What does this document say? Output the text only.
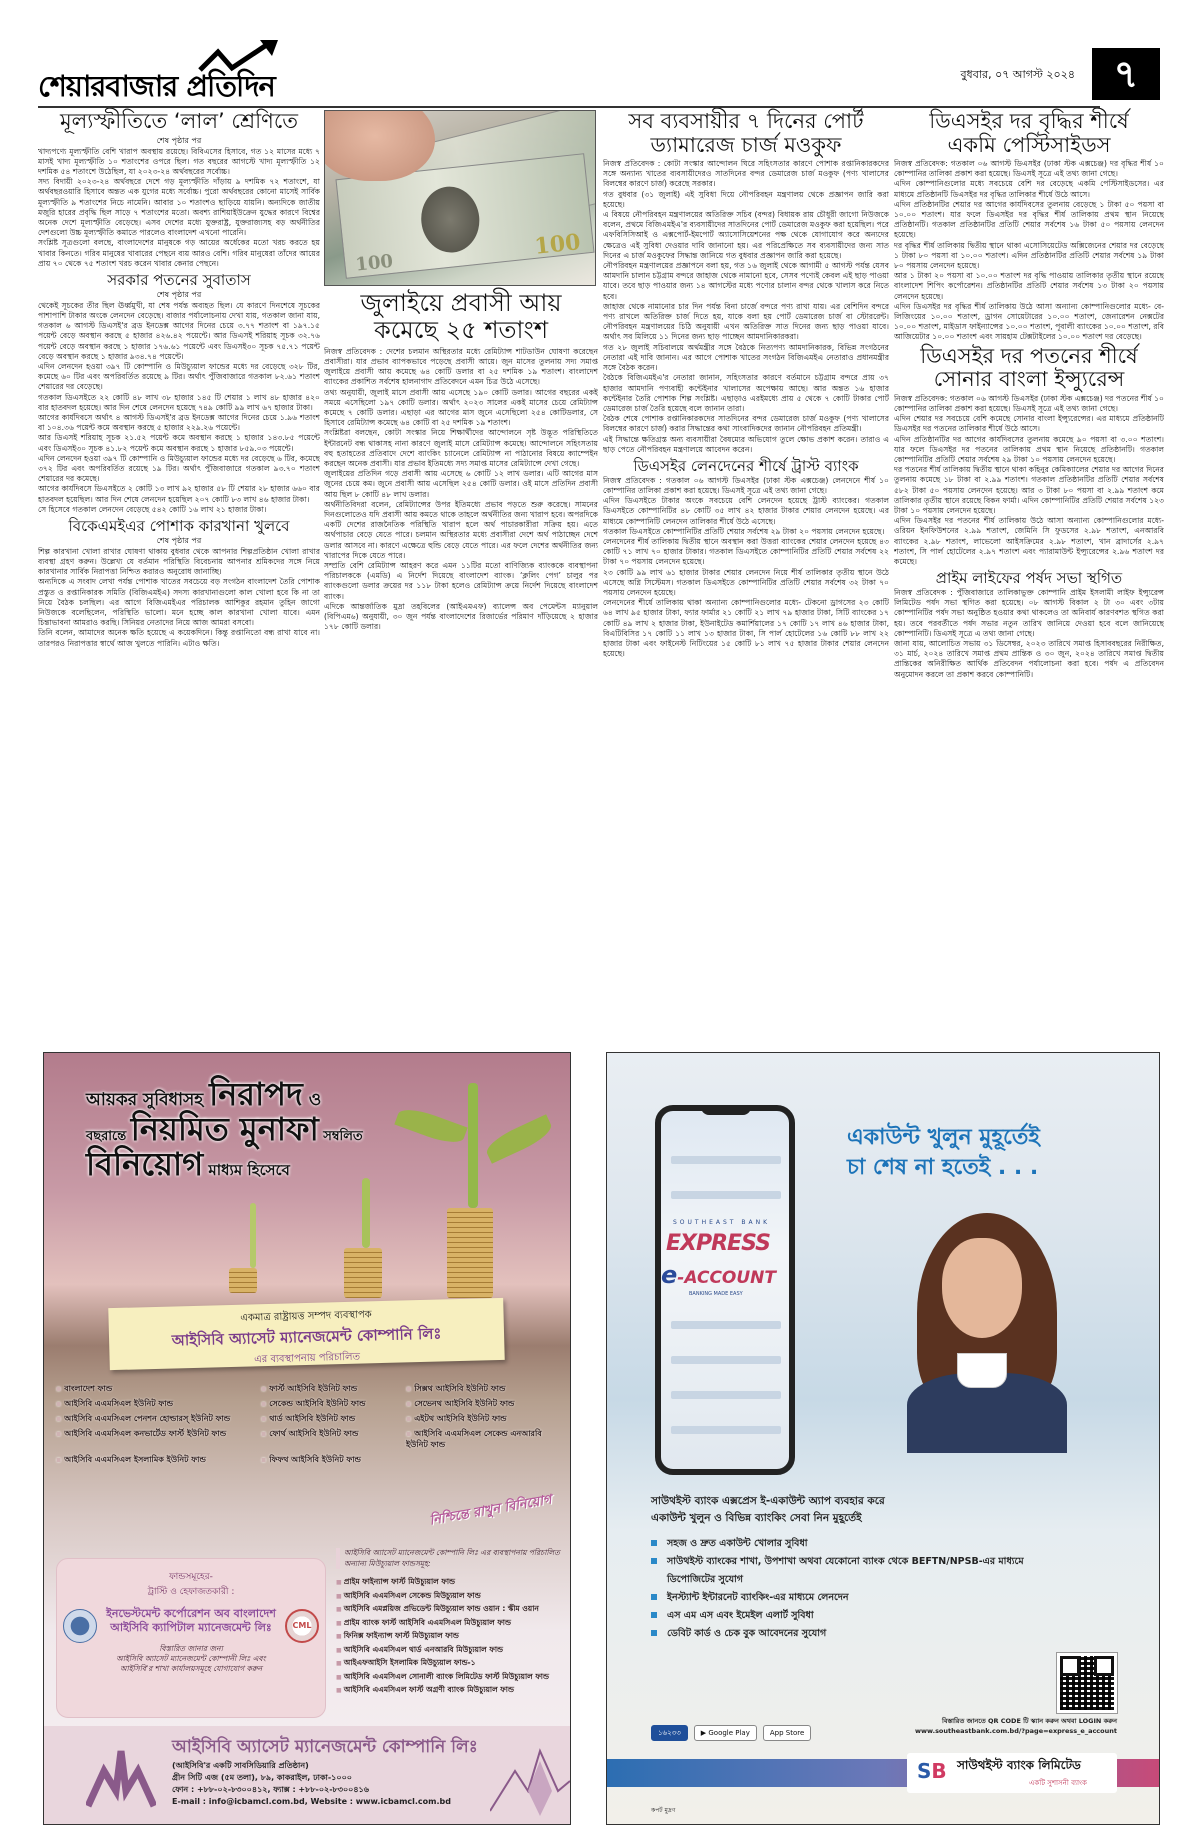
শেয়ারবাজার প্রতিদিন	বুধবার, ০৭ আগস্ট ২০২৪	৭
মূল্যস্ফীতিতে ‘লাল’ শ্রেণিতে
শেষ পৃষ্ঠার পর

খাদ্যপণ্যে মূল্যস্ফীতি বেশি খারাপ অবস্থায় রয়েছে। বিবিএসের হিসাবে, গত ১২ মাসের মধ্যে ৭ মাসই খাদ্য মূল্যস্ফীতি ১০ শতাংশের ওপরে ছিল। গত বছরের আগস্টে খাদ্য মূল্যস্ফীতি ১২ দশমিক ৫৪ শতাংশে উঠেছিল, যা ২০২৩-২৪ অর্থবছরের সর্বোচ্চ।

সদ্য বিদায়ী ২০২৩-২৪ অর্থবছরে দেশে গড় মূল্যস্ফীতি দাঁড়ায় ৯ দশমিক ৭২ শতাংশে, যা অর্থবছরওয়ারি হিসাবে অন্তত এক যুগের মধ্যে সর্বোচ্চ। পুরো অর্থবছরের কোনো মাসেই সার্বিক মূল্যস্ফীতি ৯ শতাংশের নিচে নামেনি। আবার ১০ শতাংশও ছাড়িয়ে যায়নি। অন্যদিকে জাতীয় মজুরি হারের প্রবৃদ্ধি ছিল সাড়ে ৭ শতাংশের মতো। অবশ্য রাশিয়াইউক্রেন যুদ্ধের কারণে বিশ্বের অনেক দেশে মূল্যস্ফীতি বেড়েছে। এসব দেশের মধ্যে যুক্তরাষ্ট্র, যুক্তরাজ্যসহ বড় অর্থনীতির দেশগুলো উচ্চ মূল্যস্ফীতি কমাতে পারলেও বাংলাদেশ এখনো পারেনি।

সংশ্লিষ্ট সূত্রগুলো বলছে, বাংলাদেশের মানুষকে গড় আয়ের অর্ধেকের মতো খরচ করতে হয় খাবার কিনতে। গরিব মানুষের খাবারের পেছনে ব্যয় আরও বেশি। গরিব মানুষেরা তাঁদের আয়ের প্রায় ৭০ থেকে ৭৫ শতাংশ খরচ করেন খাবার কেনার পেছনে।

সরকার পতনের সুবাতাস
শেষ পৃষ্ঠার পর

থেকেই সূচকের তীর ছিল ঊর্ধ্বমুখী, যা শেষ পর্যন্ত অব্যহত ছিল। যে কারণে দিনশেষে সূচকের পাশাপাশি টাকার অংকে লেনদেন বেড়েছে। বাজার পর্যালোচনায় দেখা যায়, গতকাল জানা যায়, গতকাল ৬ আগস্ট ডিএসই'র ব্রড ইনডেক্স আগের দিনের চেয়ে ৩.৭৭ শতাংশ বা ১৯৭.১৫ পয়েন্ট বেড়ে অবস্থান করছে ৫ হাজার ৪২৬.৪২ পয়েন্টে। আর ডিএসই শরিয়াহ সূচক ৩২.৭৬ পয়েন্ট বেড়ে অবস্থান করছে ১ হাজার ১৭৬.৬১ পয়েন্টে এবং ডিএসই৩০ সূচক ৭৫.৭১ পয়েন্ট বেড়ে অবস্থান করছে ১ হাজার ৯৩৪.৭৪ পয়েন্টে।

এদিন লেনদেন হওয়া ৩৯৭ টি কোম্পানি ও মিউচ্যুয়াল ফান্ডের মধ্যে দর বেড়েছে ৩২৮ টির, কমেছে ৬০ টির এবং অপরিবর্তিত রয়েছে ৯ টির। অর্থাৎ পুঁজিবাজারে গতকাল ৮২.৬১ শতাংশ শেয়ারের দর বেড়েছে।

গতকাল ডিএসইতে ২২ কোটি ৪৮ লাখ ৩৮ হাজার ১৪৫ টি শেয়ার ১ লাখ ৪৮ হাজার ৪২০ বার হাতবদল হয়েছে। আর দিন শেষে লেনদেন হয়েছে ৭৪৯ কোটি ৯৯ লাখ ৬৭ হাজার টাকা।

আগের কার্যদিবসে অর্থাৎ ৪ আগস্ট ডিএসই'র ব্রড ইনডেক্স আগের দিনের চেয়ে ১.৯৬ শতাংশ বা ১০৪.৩৬ পয়েন্ট কমে অবস্থান করছে ৫ হাজার ২২৯.২৬ পয়েন্টে।

আর ডিএসই শরিয়াহ সূচক ২১.৫২ পয়েন্ট কমে অবস্থান করছে ১ হাজার ১৪৩.৮৫ পয়েন্টে এবং ডিএসই৩০ সূচক ৪১.৮২ পয়েন্ট কমে অবস্থান করছে ১ হাজার ৮৫৯.০৩ পয়েন্টে।

এদিন লেনদেন হওয়া ৩৯৭ টি কোম্পানি ও মিউচ্যুয়াল ফান্ডের মধ্যে দর বেড়েছে ৬ টির, কমেছে ৩৭২ টির এবং অপরিবর্তিত রয়েছে ১৯ টির। অর্থাৎ পুঁজিবাজারে গতকাল ৯৩.৭০ শতাংশ শেয়ারের দর কমেছে।

আগের কার্যদিবসে ডিএসইতে ২ কোটি ১৩ লাখ ৯২ হাজার ৫৮ টি শেয়ার ২৮ হাজার ৬৬০ বার হাতবদল হয়েছিল। আর দিন শেষে লেনদেন হয়েছিল ২০৭ কোটি ৮৩ লাখ ৪৬ হাজার টাকা।

সে হিসেবে গতকাল লেনদেন বেড়েছে ৫৪২ কোটি ১৬ লাখ ২১ হাজার টাকা।

বিকেএমইএর পোশাক কারখানা খুলবে
শেষ পৃষ্ঠার পর

শিল্প কারখানা খোলা রাখার ঘোষণা থাকায় বুধবার থেকে আপনার শিল্পপ্রতিষ্ঠান খোলা রাখার ব্যবস্থা গ্রহণ করুন। উল্লেখ্য যে বর্তমান পরিস্থিতি বিবেচনায় আপনার শ্রমিকদের সঙ্গে নিয়ে কারখানার সার্বিক নিরাপত্তা নিশ্চিত করারও অনুরোধ জানাচ্ছি।

অন্যদিকে এ সংবাদ লেখা পর্যন্ত পোশাক খাতের সবচেয়ে বড় সংগঠন বাংলাদেশ তৈরি পোশাক প্রস্তুত ও রপ্তানিকারক সমিতি (বিজিএমইএ) সদস্য কারখানাগুলো কাল খোলা হবে কি না তা নিয়ে বৈঠক চলছিল। এর আগে বিজিএমইএর পরিচালক আশিকুর রহমান তুহিন জাগো নিউজকে বলেছিলেন, পরিস্থিতি ভালো। মনে হচ্ছে কাল কারখানা খোলা যাবে। এমন চিন্তাভাবনা আমরাও করছি। সিনিয়র নেতাদের নিয়ে আজ আমরা বসবো।

তিনি বলেন, আমাদের অনেক ক্ষতি হয়েছে এ কয়েকদিনে। কিন্তু রপ্তানিতো বন্ধ রাখা যাবে না। তারপরও নিরাপত্তার স্বার্থে আজ খুলতে পারিনি। এটাও ক্ষতি।

100
100
জুলাইয়ে প্রবাসী আয়
কমেছে ২৫ শতাংশ

নিজস্ব প্রতিবেদক : দেশের চলমান অস্থিরতার মধ্যে রেমিট্যান্স শাটডাউন ঘোষণা করেছেন প্রবাসীরা। যার প্রভাব ব্যাপকভাবে পড়েছে প্রবাসী আয়ে। জুন মাসের তুলনায় সদ্য সমাপ্ত জুলাইয়ে প্রবাসী আয় কমেছে ৬৪ কোটি ডলার বা ২৫ দশমিক ১৯ শতাংশ। বাংলাদেশ ব্যাংকের প্রকাশিত সর্বশেষ হালনাগাদ প্রতিবেদনে এমন চিত্র উঠে এসেছে।

তথ্য অনুযায়ী, জুলাই মাসে প্রবাসী আয় এসেছে ১৯০ কোটি ডলার। আগের বছরের একই সময়ে এসেছিলো ১৯৭ কোটি ডলার। অর্থাৎ ২০২৩ সালের একই মাসের চেয়ে রেমিট্যান্স কমেছে ৭ কোটি ডলার। এছাড়া এর আগের মাস জুনে এসেছিলো ২৫৪ কোটিডলার, সে হিসাবে রেমিট্যান্স কমেছে ৬৪ কোটি বা ২৫ দশমিক ১৯ শতাংশ।

সংশ্লিষ্টরা বলছেন, কোটা সংস্কার নিয়ে শিক্ষার্থীদের আন্দোলনে সৃষ্ট উদ্ভূত পরিস্থিতিতে ইন্টারনেট বন্ধ থাকাসহ নানা কারণে জুলাই মাসে রেমিট্যান্স কমেছে। আন্দোলনে সহিংসতায় বহু হতাহতের প্রতিবাদে দেশে ব্যাংকিং চ্যানেলে রেমিট্যান্স না পাঠানোর বিষয়ে ক্যাম্পেইন করছেন অনেক প্রবাসী। যার প্রভাব ইতিমধ্যে সদ্য সমাপ্ত মাসের রেমিট্যান্সে দেখা গেছে।

জুলাইয়ের প্রতিদিন গড়ে প্রবাসী আয় এসেছে ৬ কোটি ১২ লাখ ডলার। এটি আগের মাস জুনের চেয়ে কম। জুনে প্রবাসী আয় এসেছিল ২৫৪ কোটি ডলার। ওই মাসে প্রতিদিন প্রবাসী আয় ছিল ৮ কোটি ৪৮ লাখ ডলার।

অর্থনীতিবিদরা বলেন, রেমিট্যান্সের উপর ইতিমধ্যে প্রভাব পড়তে শুরু করেছে। সামনের দিনগুলোতেও যদি প্রবাসী আয় কমতে থাকে তাহলে অর্থনীতির জন্য খারাপ হবে। অপরদিকে একটি দেশের রাজনৈতিক পরিস্থিতি খারাপ হলে অর্থ পাচারকারীরা সক্রিয় হয়। এতে অর্থপাচার বেড়ে যেতে পারে। চলমান অস্থিরতার মধ্যে প্রবাসীরা দেশে অর্থ পাঠাচ্ছেন দেশে ডলার আসবে না। কারণে এক্ষেত্রে হুন্ডি বেড়ে যেতে পারে। এর ফলে দেশের অর্থনীতির জন্য খারাপের দিকে যেতে পারে।

সম্প্রতি বেশি রেমিট্যান্স আহরণ করে এমন ১১টির মতো বাণিজ্যিক ব্যাংককে ব্যবস্থাপনা পরিচালককে (এমডি) এ নির্দেশ দিয়েছে বাংলাদেশ ব্যাংক। ‘ক্ললিং পেগ’ চালুর পর ব্যাংকগুলো ডলার ক্রয়ের দর ১১৮ টাকা হলেও রেমিট্যান্স ক্রয়ে নির্দেশ দিয়েছে বাংলাদেশ ব্যাংক।

এদিকে আন্তর্জাতিক মুদ্রা তহবিলের (আইএমএফ) ব্যালেন্স অব পেমেন্টস ম্যানুয়াল (বিপিএম৬) অনুযায়ী, ৩০ জুন পর্যন্ত বাংলাদেশের রিজার্ভের পরিমাণ দাঁড়িয়েছে ২ হাজার ১৭৮ কোটি ডলার।

সব ব্যবসায়ীর ৭ দিনের পোর্ট
ড্যামারেজ চার্জ মওকুফ

নিজস্ব প্রতিবেদক : কোটা সংস্কার আন্দোলন ঘিরে সহিংসতার কারণে পোশাক রপ্তানিকারকদের সঙ্গে অন্যান্য খাতের ব্যবসায়ীদেরও সাতদিনের বন্দর ডেমারেজ চার্জ মওকুফ (পণ্য খালাসের বিলম্বের কারণে চার্জ) করেছে সরকার।

গত বুধবার (৩১ জুলাই) এই সুবিধা দিয়ে নৌপরিবহন মন্ত্রণালয় থেকে প্রজ্ঞাপন জারি করা হয়েছে।

এ বিষয়ে নৌপরিবহন মন্ত্রণালয়ের অতিরিক্ত সচিব (বন্দর) বিধায়ক রায় চৌধুরী জাগো নিউজকে বলেন, প্রথমে বিজিএমইএ'র ব্যবসায়ীদের সাতদিনের পোর্ট ডেমারেজ মওকুফ করা হয়েছিল। পরে এফবিসিসিআই ও এক্সপোর্ট-ইমপোর্ট অ্যাসোসিয়েশনের পক্ষ থেকে যোগাযোগ করে অন্যদের ক্ষেত্রেও এই সুবিধা দেওয়ার দাবি জানানো হয়। এর পরিপ্রেক্ষিতে সব ব্যবসায়ীদের জন্য সাত দিনের এ চার্জ মওকুফের সিদ্ধান্ত জানিয়ে গত বুধবার প্রজ্ঞাপন জারি করা হয়েছে।

নৌপরিবহন মন্ত্রণালয়ের প্রজ্ঞাপনে বলা হয়, গত ১৬ জুলাই থেকে আগামী ৫ আগস্ট পর্যন্ত যেসব আমদানি চালান চট্টগ্রাম বন্দরে জাহাজ থেকে নামানো হবে, সেসব পণ্যেই কেবল এই ছাড় পাওয়া যাবে। তবে ছাড় পাওয়ার জন্য ১৪ আগস্টের মধ্যে পণ্যের চালান বন্দর থেকে খালাস করে নিতে হবে।

জাহাজ থেকে নামানোর চার দিন পর্যন্ত বিনা চার্জে বন্দরে পণ্য রাখা যায়। এর বেশিদিন বন্দরে পণ্য রাখলে অতিরিক্ত চার্জ দিতে হয়, যাকে বলা হয় পোর্ট ডেমারেজ চার্জ বা স্টোররেন্ট। নৌপরিবহন মন্ত্রণালয়ের চিঠি অনুযায়ী এখন অতিরিক্ত সাত দিনের জন্য ছাড় পাওয়া যাবে। অর্থাৎ সব মিলিয়ে ১১ দিনের জন্য ছাড় পাচ্ছেন আমদানিকারকরা।

গত ২৮ জুলাই সচিবালয়ে অর্থমন্ত্রীর সঙ্গে বৈঠকে নিত্যপণ্য আমদানিকারক, বিভিন্ন সংগঠনের নেতারা এই দাবি জানান। এর আগে পোশাক খাতের সংগঠন বিজিএমইএ নেতারাও প্রধানমন্ত্রীর সঙ্গে বৈঠক করেন।

বৈঠকে বিজিএমইএ'র নেতারা জানান, সহিংসতার কারণে বর্তমানে চট্টগ্রাম বন্দরে প্রায় ৩৭ হাজার আমদানি পণ্যবাহী কন্টেইনার খালাসের অপেক্ষায় আছে। আর অন্তত ১৬ হাজার কন্টেইনার তৈরি পোশাক শিল্প সংশ্লিষ্ট। এছাড়াও এরইমধ্যে প্রায় ৫ থেকে ৭ কোটি টাকার পোর্ট ডেমারেজ চার্জ তৈরি হয়েছে বলে জানান তারা।

বৈঠক শেষে পোশাক রপ্তানিকারকদের সাতদিনের বন্দর ডেমারেজ চার্জ মওকুফ (পণ্য খালাসের বিলম্বের কারণে চার্জ) করার সিদ্ধান্তের কথা সাংবাদিকদের জানান নৌপরিবহন প্রতিমন্ত্রী।

এই সিদ্ধান্তে ক্ষতিগ্রস্ত অন্য ব্যবসায়ীরা বৈষম্যের অভিযোগ তুলে ক্ষোভ প্রকাশ করেন। তারাও এ ছাড় পেতে নৌপরিবহন মন্ত্রণালয়ে আবেদন করেন।

ডিএসইর লেনদেনের শীর্ষে ট্রাস্ট ব্যাংক

নিজস্ব প্রতিবেদক : গতকাল ০৬ আগস্ট ডিএসইর (ঢাকা স্টক এক্সচেঞ্জ) লেনদেনে শীর্ষ ১০ কোম্পানির তালিকা প্রকাশ করা হয়েছে। ডিএসই সূত্রে এই তথ্য জানা গেছে।

এদিন ডিএসইতে টাকার অংকে সবচেয়ে বেশি লেনদেন হয়েছে ট্রাস্ট ব্যাংকের। গতকাল ডিএসইতে কোম্পানিটির ৪৮ কোটি ৩৫ লাখ ৪২ হাজার টাকার শেয়ার লেনদেন হয়েছে। এর মাধ্যমে কোম্পানিটি লেনদেন তালিকার শীর্ষে উঠে এসেছে।

গতকাল ডিএসইতে কোম্পানিটির প্রতিটি শেয়ার সর্বশেষ ২৯ টাকা ২০ পয়সায় লেনদেন হয়েছে।

লেনদেনের শীর্ষ তালিকায় দ্বিতীয় স্থানে অবস্থান করা উত্তরা ব্যাংকের শেয়ার লেনদেন হয়েছে ৪৩ কোটি ৭১ লাখ ৭০ হাজার টাকার। গতকাল ডিএসইতে কোম্পানিটির প্রতিটি শেয়ার সর্বশেষ ২২ টাকা ৭০ পয়সায় লেনদেন হয়েছে।

২৩ কোটি ৯৯ লাখ ৬১ হাজার টাকার শেয়ার লেনদেন নিয়ে শীর্ষ তালিকার তৃতীয় স্থানে উঠে এসেছে অগ্নি সিস্টেমস। গতকাল ডিএসইতে কোম্পানিটির প্রতিটি শেয়ার সর্বশেষ ৩২ টাকা ৭০ পয়সায় লেনদেন হয়েছে।

লেনদেনের শীর্ষে তালিকায় থাকা অন্যান্য কোম্পানিগুলোর মধ্যে- টেকনো ড্রাগসের ২৩ কোটি ৬৪ লাখ ৯৫ হাজার টাকা, ফ্যার ফার্মার ২১ কোটি ২১ লাখ ৭৯ হাজার টাকা, সিটি ব্যাংকের ১৭ কোটি ৪৯ লাখ ২ হাজার টাকা, ইউনাইটেড কমার্শিয়ালের ১৭ কোটি ১৭ লাখ ৪৬ হাজার টাকা, বিএটিবিসির ১৭ কোটি ১১ লাখ ১৩ হাজার টাকা, সি পার্ল হোটেলের ১৬ কোটি ৮৮ লাখ ২২ হাজার টাকা এবং ফাইনেস্ট নিটিংয়ের ১৫ কোটি ৮১ লাখ ৭৫ হাজার টাকার শেয়ার লেনদেন হয়েছে।

ডিএসইর দর বৃদ্ধির শীর্ষে
একমি পেস্টিসাইডস

নিজস্ব প্রতিবেদক: গতকাল ০৬ আগস্ট ডিএসইর (ঢাকা স্টক এক্সচেঞ্জ) দর বৃদ্ধির শীর্ষ ১০ কোম্পানির তালিকা প্রকাশ করা হয়েছে। ডিএসই সূত্রে এই তথ্য জানা গেছে।

এদিন কোম্পানিগুলোর মধ্যে সবচেয়ে বেশি দর বেড়েছে একমি পেস্টিসাইডসের। এর মাধ্যমে প্রতিষ্ঠানটি ডিএসইর দর বৃদ্ধির তালিকার শীর্ষে উঠে আসে।

এদিন প্রতিষ্ঠানটির শেয়ার দর আগের কার্যদিবসের তুলনায় বেড়েছে ১ টাকা ৫০ পয়সা বা ১০.০০ শতাংশ। যার ফলে ডিএসইর দর বৃদ্ধির শীর্ষ তালিকায় প্রথম স্থান নিয়েছে প্রতিষ্ঠানটি। গতকাল প্রতিষ্ঠানটির প্রতিটি শেয়ার সর্বশেষ ১৬ টাকা ৫০ পয়সায় লেনদেন হয়েছে।

দর বৃদ্ধির শীর্ষ তালিকায় দ্বিতীয় স্থানে থাকা এসোসিয়েটেড অক্সিজেনের শেয়ার দর বেড়েছে ১ টাকা ৮০ পয়সা বা ১০.০০ শতাংশ। এদিন প্রতিষ্ঠানটির প্রতিটি শেয়ার সর্বশেষ ১৯ টাকা ৮০ পয়সায় লেনদেন হয়েছে।

আর ১ টাকা ২০ পয়সা বা ১০.০০ শতাংশ দর বৃদ্ধি পাওয়ায় তালিকার তৃতীয় স্থানে রয়েছে বাংলাদেশ শিপিং কর্পোরেশন। প্রতিষ্ঠানটির প্রতিটি শেয়ার সর্বশেষ ১৩ টাকা ২০ পয়সায় লেনদেন হয়েছে।

এদিন ডিএসইর দর বৃদ্ধির শীর্ষ তালিকায় উঠে আসা অন্যান্য কোম্পানিগুলোর মধ্যে- বে-লিজিংয়ের ১০.০০ শতাংশ, ড্রাগন সোয়েটারের ১০.০০ শতাংশ, জেনারেশন নেক্সটের ১০.০০ শতাংশ, মাইডাস ফাইন্যান্সের ১০.০০ শতাংশ, পূবালী ব্যাংকের ১০.০০ শতাংশ, রবি আজিয়েটার ১০.০০ শতাংশ এবং সায়হাম টেক্সটাইলের ১০.০০ শতাংশ দর বেড়েছে।

ডিএসইর দর পতনের শীর্ষে
সোনার বাংলা ইন্স্যুরেন্স

নিজস্ব প্রতিবেদক: গতকাল ০৬ আগস্ট ডিএসইর (ঢাকা স্টক এক্সচেঞ্জ) দর পতনের শীর্ষ ১০ কোম্পানির তালিকা প্রকাশ করা হয়েছে। ডিএসই সূত্রে এই তথ্য জানা গেছে।

এদিন শেয়ার দর সবচেয়ে বেশি কমেছে সোনার বাংলা ইন্স্যুরেন্সের। এর মাধ্যমে প্রতিষ্ঠানটি ডিএসইর দর পতনের তালিকার শীর্ষে উঠে আসে।

এদিন প্রতিষ্ঠানটির দর আগের কার্যদিবসের তুলনায় কমেছে ৯০ পয়সা বা ৩.০০ শতাংশ। যার ফলে ডিএসইর দর পতনের তালিকায় প্রথম স্থান নিয়েছে প্রতিষ্ঠানটি। গতকাল কোম্পানিটির প্রতিটি শেয়ার সর্বশেষ ২৯ টাকা ১০ পয়সায় লেনদেন হয়েছে।

দর পতনের শীর্ষ তালিকায় দ্বিতীয় স্থানে থাকা কহিনুর কেমিক্যালের শেয়ার দর আগের দিনের তুলনায় কমেছে ১৮ টাকা বা ২.৯৯ শতাংশ। গতকাল প্রতিষ্ঠানটির প্রতিটি শেয়ার সর্বশেষ ৫৮২ টাকা ৫০ পয়সায় লেনদেন হয়েছে। আর ৩ টাকা ৮০ পয়সা বা ২.৯৯ শতাংশ কমে তালিকার তৃতীয় স্থানে রয়েছে বিকন ফার্মা। এদিন কোম্পানিটির প্রতিটি শেয়ার সর্বশেষ ১২৩ টাকা ১০ পয়সায় লেনদেন হয়েছে।

এদিন ডিএসইর দর পতনের শীর্ষ তালিকায় উঠে আসা অন্যান্য কোম্পানিগুলোর মধ্যে- ওরিয়ন ইনফিউশনের ২.৯৯ শতাংশ, জেমিনি সি ফুডসের ২.৯৮ শতাংশ, এনআরবি ব্যাংকের ২.৯৮ শতাংশ, লাভেলো আইসক্রিমের ২.৯৮ শতাংশ, খান ব্রাদার্সের ২.৯৭ শতাংশ, সি পার্ল হোটেলের ২.৯৭ শতাংশ এবং প্যারামাউন্ট ইন্স্যুরেন্সের ২.৯৬ শতাংশ দর কমেছে।

প্রাইম লাইফের পর্ষদ সভা স্থগিত

নিজস্ব প্রতিবেদক : পুঁজিবাজারে তালিকাভুক্ত কোম্পানি প্রাইম ইসলামী লাইফ ইন্স্যুরেন্স লিমিটেড পর্ষদ সভা স্থগিত করা হয়েছে। ০৮ আগস্ট বিকাল ২ টা ৩০ এবং ৩টায় কোম্পানিটির পর্ষদ সভা অনুষ্ঠিত হওয়ার কথা থাকলেও তা অনিবার্য কারণবশত স্থগিত করা হয়। তবে পরবর্তীতে পর্ষদ সভার নতুন তারিখ জানিয়ে দেওয়া হবে বলে জানিয়েছে কোম্পানিটি। ডিএসই সূত্রে এ তথ্য জানা গেছে।

জানা যায়, আলোচিত সভায় ৩১ ডিসেম্বর, ২০২৩ তারিখে সমাপ্ত হিসাববছরের নিরীক্ষিত, ৩১ মার্চ, ২০২৪ তারিখে সমাপ্ত প্রথম প্রান্তিক ও ৩০ জুন, ২০২৪ তারিখে সমাপ্ত দ্বিতীয় প্রান্তিকের অনিরীক্ষিত আর্থিক প্রতিবেদন পর্যালোচনা করা হবে। পর্ষদ এ প্রতিবেদন অনুমোদন করলে তা প্রকাশ করবে কোম্পানিটি।

আয়কর সুবিধাসহ নিরাপদ ও
বছরান্তে নিয়মিত মুনাফা সম্বলিত
বিনিয়োগ মাধ্যম হিসেবে
একমাত্র রাষ্ট্রায়ত্ত সম্পদ ব্যবস্থাপক
আইসিবি অ্যাসেট ম্যানেজমেন্ট কোম্পানি লিঃ
এর ব্যবস্থাপনায় পরিচালিত
▪ বাংলাদেশ ফান্ড	▪ ফার্স্ট আইসিবি ইউনিট ফান্ড	▪ সিক্সথ আইসিবি ইউনিট ফান্ড
▪ আইসিবি এএমসিএল ইউনিট ফান্ড	▪ সেকেন্ড আইসিবি ইউনিট ফান্ড	▪ সেভেনথ আইসিবি ইউনিট ফান্ড
▪ আইসিবি এএমসিএল পেনশন হোল্ডারস্ ইউনিট ফান্ড	▪ থার্ড আইসিবি ইউনিট ফান্ড	▪ এইটথ আইসিবি ইউনিট ফান্ড
▪ আইসিবি এএমসিএল কনভার্টেড ফার্স্ট ইউনিট ফান্ড	▪ ফোর্থ আইসিবি ইউনিট ফান্ড	▪ আইসিবি এএমসিএল সেকেন্ড এনআরবি ইউনিট ফান্ড
▪ আইসিবি এএমসিএল ইসলামিক ইউনিট ফান্ড	▪ ফিফথ আইসিবি ইউনিট ফান্ড
নিশ্চিন্তে রাখুন বিনিয়োগ
ফান্ডসমূহের-
ট্রাস্টি ও হেফাজতকারী :
CML
ইনভেস্টমেন্ট কর্পোরেশন অব বাংলাদেশ
আইসিবি ক্যাপিটাল ম্যানেজমেন্ট লিঃ
বিস্তারিত জানার জন্য
আইসিবি অ্যাসেট ম্যানেজমেন্ট কোম্পানী লিঃ এবং
আইসিবি'র শাখা কার্যালয়সমূহে যোগাযোগ করুন
আইসিবি অ্যাসেট ম্যানেজমেন্ট কোম্পানি লিঃ এর ব্যবস্থাপনায় পরিচালিত অন্যান্য মিউচ্যুয়াল ফান্ডসমূহ:
■ প্রাইম ফাইন্যান্স ফার্স্ট মিউচ্যুয়াল ফান্ড
■ আইসিবি এএমসিএল সেকেন্ড মিউচ্যুয়াল ফান্ড
■ আইসিবি এমপ্লয়িজ প্রভিডেন্ট মিউচ্যুয়াল ফান্ড ওয়ান : স্কীম ওয়ান
■ প্রাইম ব্যাংক ফার্স্ট আইসিবি এএমসিএল মিউচ্যুয়াল ফান্ড
■ ফিনিক্স ফাইন্যান্স ফার্স্ট মিউচ্যুয়াল ফান্ড
■ আইসিবি এএমসিএল থার্ড এনআরবি মিউচ্যুয়াল ফান্ড
■ আইএফআইসি ইসলামিক মিউচ্যুয়াল ফান্ড-১
■ আইসিবি এএমসিএল সোনালী ব্যাংক লিমিটেড ফার্স্ট মিউচ্যুয়াল ফান্ড
■ আইসিবি এএমসিএল ফার্স্ট অগ্রণী ব্যাংক মিউচ্যুয়াল ফান্ড
আইসিবি অ্যাসেট ম্যানেজমেন্ট কোম্পানি লিঃ
(আইসিবি'র একটি সাবসিডিয়ারি প্রতিষ্ঠান)
গ্রীন সিটি এজ (৫ম তলা), ৮৯, কাকরাইল, ঢাকা-১০০০
ফোন : +৮৮-০২-৮৩০০৪১২, ফ্যাক্স : +৮৮-০২-৮৩০০৪১৬
E-mail : info@icbamcl.com.bd, Website : www.icbamcl.com.bd
SOUTHEAST BANK
EXPRESS
e-ACCOUNT
BANKING MADE EASY
একাউন্ট খুলুন মুহূর্তেই
চা শেষ না হতেই . . .
সাউথইস্ট ব্যাংক এক্সপ্রেস ই-একাউন্ট অ্যাপ ব্যবহার করে
একাউন্ট খুলুন ও বিভিন্ন ব্যাংকিং সেবা নিন মুহূর্তেই
সহজ ও দ্রুত একাউন্ট খোলার সুবিধা
সাউথইস্ট ব্যাংকের শাখা, উপশাখা অথবা যেকোনো ব্যাংক থেকে BEFTN/NPSB-এর মাধ্যমে ডিপোজিটের সুযোগ
ইনস্ট্যান্ট ইন্টারনেট ব্যাংকিং-এর মাধ্যমে লেনদেন
এস এম এস এবং ইমেইল এলার্ট সুবিধা
ডেবিট কার্ড ও চেক বুক আবেদনের সুযোগ
বিস্তারিত জানতে QR CODE টি স্ক্যান করুন অথবা LOGIN করুন
www.southeastbank.com.bd/?page=express_e_account
১৬২৩৩	▶ Google Play	App Store
SB সাউথইস্ট ব্যাংক লিমিটেড
একটি সুশাসনী ব্যাংক
কপর্ট মুদ্রণ
